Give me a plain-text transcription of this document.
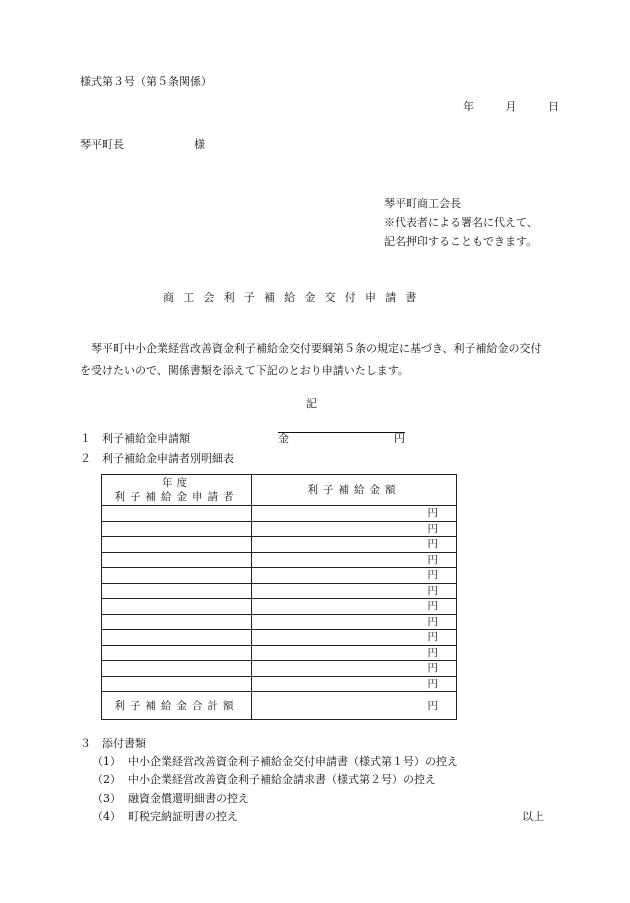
様式第３号（第５条関係）
年	月	日
琴平町長	様
琴平町商工会長
※代表者による署名に代えて、
記名押印することもできます。
商工会利子補給金交付申請書
琴平町中小企業経営改善資金利子補給金交付要綱第５条の規定に基づき、利子補給金の交付を受けたいので、関係書類を添えて下記のとおり申請いたします。
記
１ 利子補給金申請額	金	円
２ 利子補給金申請者別明細表
年度
利子補給金申請者	利子補給金額
	円
	円
	円
	円
	円
	円
	円
	円
	円
	円
	円
	円
利子補給金合計額	円
３ 添付書類
（1） 中小企業経営改善資金利子補給金交付申請書（様式第１号）の控え
（2） 中小企業経営改善資金利子補給金請求書（様式第２号）の控え
（3） 融資金償還明細書の控え
（4） 町税完納証明書の控え	以上
